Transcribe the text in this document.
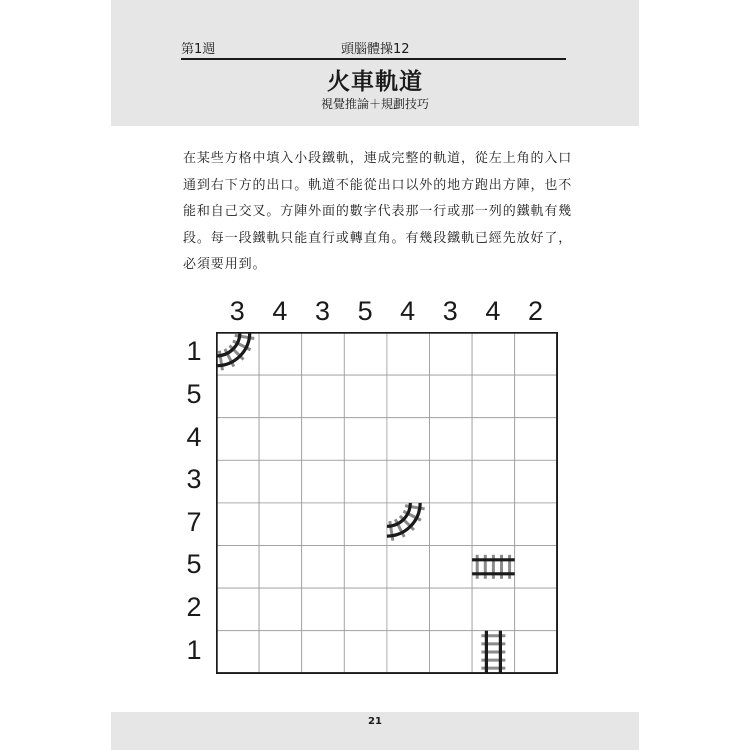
第1週	頭腦體操12
火車軌道
視覺推論＋規劃技巧

在某些方格中填入小段鐵軌，連成完整的軌道，從左上角的入口通到右下方的出口。軌道不能從出口以外的地方跑出方陣，也不能和自己交叉。方陣外面的數字代表那一行或那一列的鐵軌有幾段。每一段鐵軌只能直行或轉直角。有幾段鐵軌已經先放好了，必須要用到。

3	4	3	5	4	3	4	2
1
5
4
3
7
5
2
1
21
